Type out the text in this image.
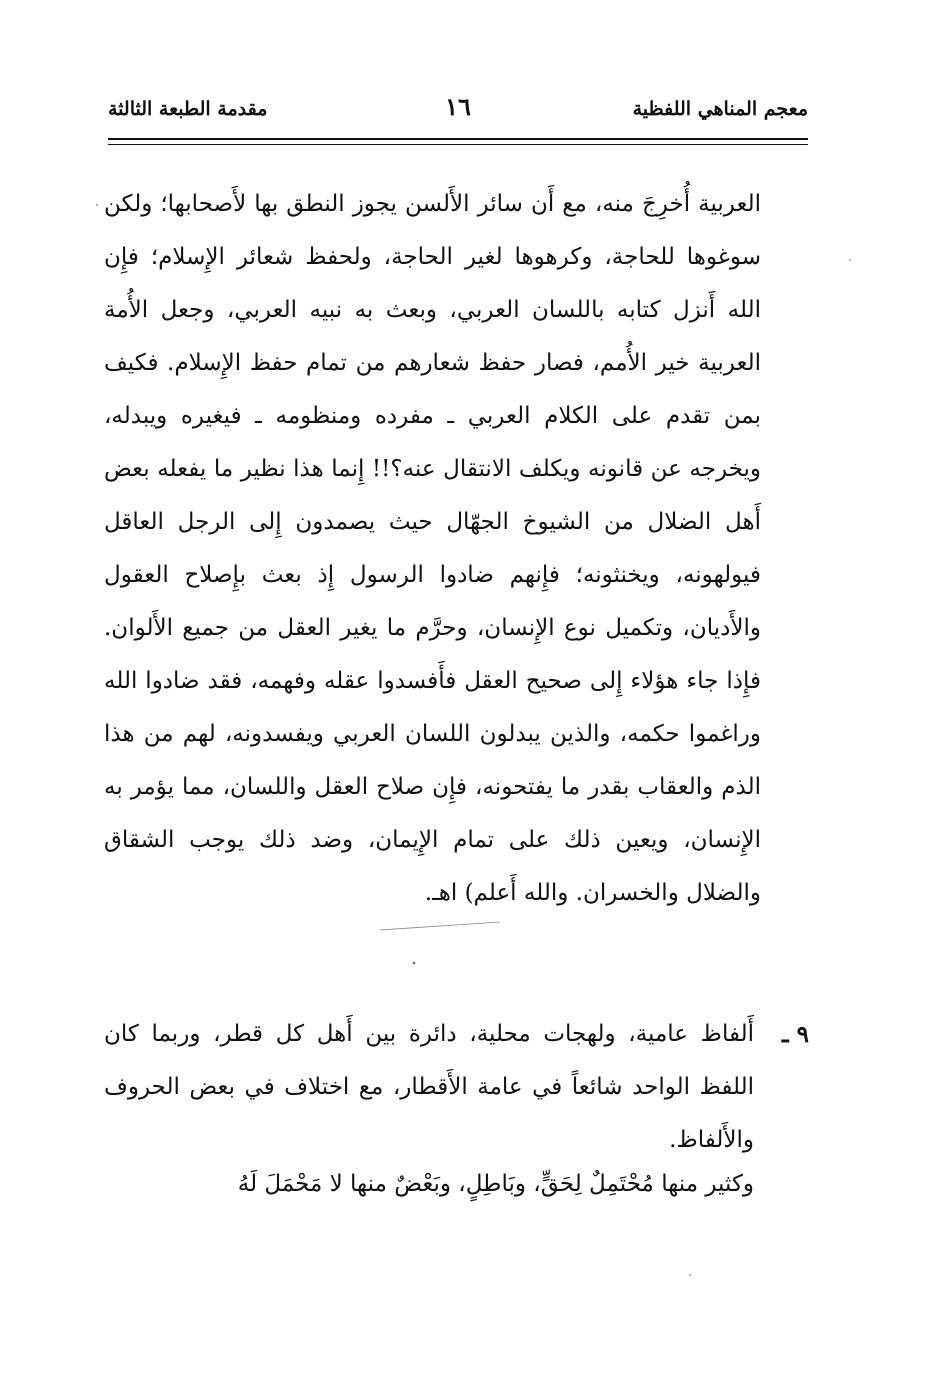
معجم المناهي اللفظية
١٦
مقدمة الطبعة الثالثة

العربية أُخرِجَ منه، مع أَن سائر الأَلسن يجوز النطق بها لأَصحابها؛ ولكن سوغوها للحاجة، وكرهوها لغير الحاجة، ولحفظ شعائر الإِسلام؛ فإِن الله أَنزل كتابه باللسان العربي، وبعث به نبيه العربي، وجعل الأُمة العربية خير الأُمم، فصار حفظ شعارهم من تمام حفظ الإِسلام. فكيف بمن تقدم على الكلام العربي ـ مفرده ومنظومه ـ فيغيره ويبدله، ويخرجه عن قانونه ويكلف الانتقال عنه؟!! إِنما هذا نظير ما يفعله بعض أَهل الضلال من الشيوخ الجهّال حيث يصمدون إِلى الرجل العاقل فيولهونه، ويخنثونه؛ فإِنهم ضادوا الرسول إِذ بعث بإِصلاح العقول والأَديان، وتكميل نوع الإِنسان، وحرَّم ما يغير العقل من جميع الأَلوان. فإِذا جاء هؤلاء إِلى صحيح العقل فأَفسدوا عقله وفهمه، فقد ضادوا الله وراغموا حكمه، والذين يبدلون اللسان العربي ويفسدونه، لهم من هذا الذم والعقاب بقدر ما يفتحونه، فإِن صلاح العقل واللسان، مما يؤمر به الإِنسان، ويعين ذلك على تمام الإِيمان، وضد ذلك يوجب الشقاق والضلال والخسران. والله أَعلم) اهـ.

٩ ـ
أَلفاظ عامية، ولهجات محلية، دائرة بين أَهل كل قطر، وربما كان اللفظ الواحد شائعاً في عامة الأَقطار، مع اختلاف في بعض الحروف والأَلفاظ.
وكثير منها مُحْتَمِلٌ لِحَقٍّ، وبَاطِلٍ، وبَعْضٌ منها لا مَحْمَلَ لَهُ
